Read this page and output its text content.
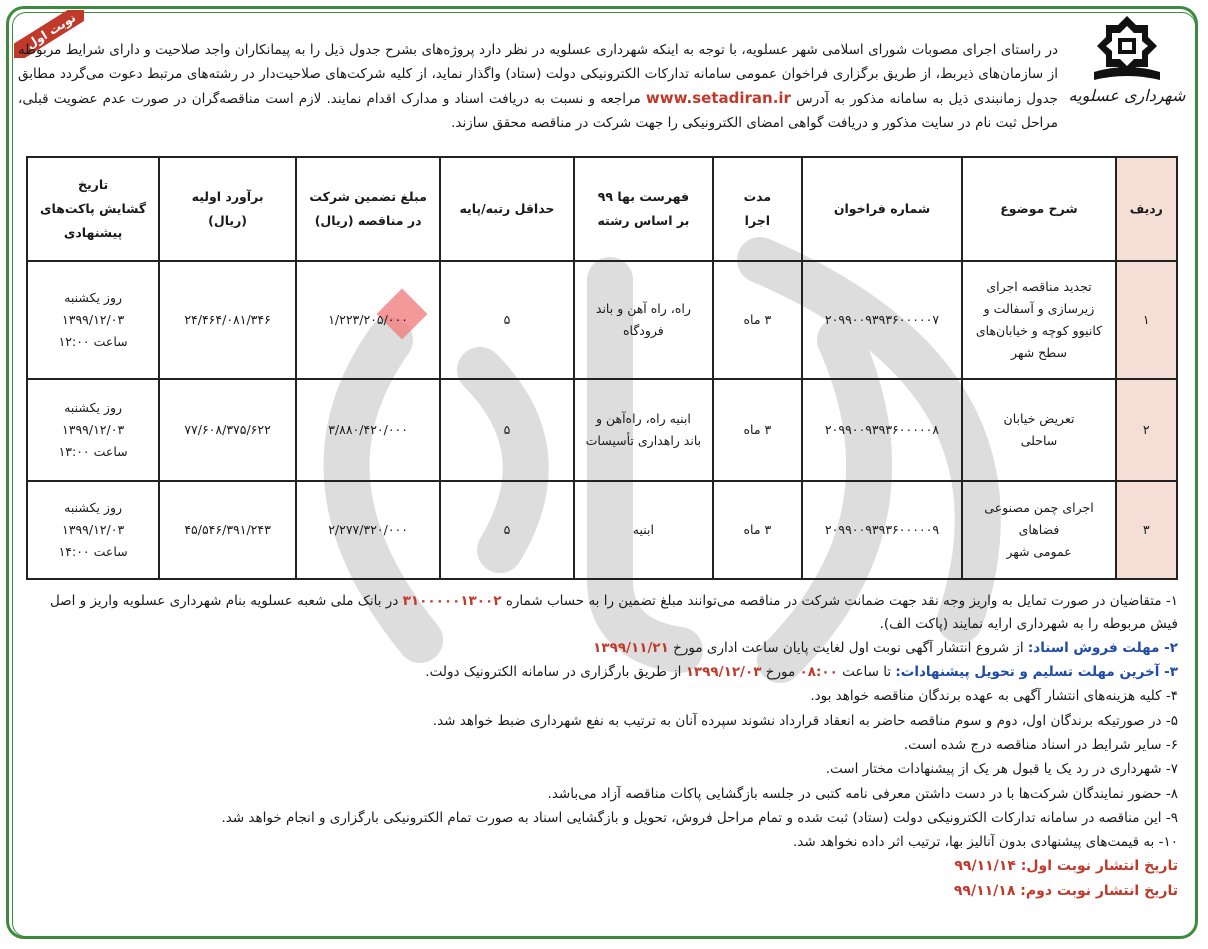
نوبت اول
شهرداری عسلویه
در راستای اجرای مصوبات شورای اسلامی شهر عسلویه، با توجه به اینکه شهرداری عسلویه در نظر دارد پروژه‌های بشرح جدول ذیل را به پیمانکاران واجد صلاحیت و دارای شرایط مربوطه از سازمان‌های ذیربط، از طریق برگزاری فراخوان عمومی سامانه تدارکات الکترونیکی دولت (ستاد) واگذار نماید، از کلیه شرکت‌های صلاحیت‌دار در رشته‌های مرتبط دعوت می‌گردد مطابق جدول زمانبندی ذیل به سامانه مذکور به آدرس www.setadiran.ir مراجعه و نسبت به دریافت اسناد و مدارک اقدام نمایند. لازم است مناقصه‌گران در صورت عدم عضویت قبلی، مراحل ثبت نام در سایت مذکور و دریافت گواهی امضای الکترونیکی را جهت شرکت در مناقصه محقق سازند.
ردیف	شرح موضوع	شماره فراخوان	مدت
اجرا	فهرست بها ۹۹
بر اساس رشته	حداقل رتبه/پایه	مبلغ تضمین شرکت
در مناقصه (ریال)	برآورد اولیه
(ریال)	تاریخ
گشایش پاکت‌های
پیشنهادی
۱	تجدید مناقصه اجرای
زیرسازی و آسفالت و
کانیوو کوچه و خیابان‌های
سطح شهر	۲۰۹۹۰۰۹۳۹۳۶۰۰۰۰۰۷	۳ ماه	راه، راه آهن و باند
فرودگاه	۵	۱/۲۲۳/۲۰۵/۰۰۰	۲۴/۴۶۴/۰۸۱/۳۴۶	روز یکشنبه
۱۳۹۹/۱۲/۰۳
ساعت ۱۲:۰۰
۲	تعریض خیابان
ساحلی	۲۰۹۹۰۰۹۳۹۳۶۰۰۰۰۰۸	۳ ماه	ابنیه راه، راه‌آهن و
باند راهداری تأسیسات	۵	۳/۸۸۰/۴۲۰/۰۰۰	۷۷/۶۰۸/۳۷۵/۶۲۲	روز یکشنبه
۱۳۹۹/۱۲/۰۳
ساعت ۱۳:۰۰
۳	اجرای چمن مصنوعی
فضاهای
عمومی شهر	۲۰۹۹۰۰۹۳۹۳۶۰۰۰۰۰۹	۳ ماه	ابنیه	۵	۲/۲۷۷/۳۲۰/۰۰۰	۴۵/۵۴۶/۳۹۱/۲۴۳	روز یکشنبه
۱۳۹۹/۱۲/۰۳
ساعت ۱۴:۰۰

۱- متقاضیان در صورت تمایل به واریز وجه نقد جهت ضمانت شرکت در مناقصه می‌توانند مبلغ تضمین را به حساب شماره ۳۱۰۰۰۰۰۱۳۰۰۲ در بانک ملی شعبه عسلویه بنام شهرداری عسلویه واریز و اصل فیش مربوطه را به شهرداری ارایه نمایند (پاکت الف).

۲- مهلت فروش اسناد: از شروع انتشار آگهی نوبت اول لغایت پایان ساعت اداری مورخ ۱۳۹۹/۱۱/۲۱

۳- آخرین مهلت تسلیم و تحویل پیشنهادات: تا ساعت ۰۸:۰۰ مورخ ۱۳۹۹/۱۲/۰۳ از طریق بارگزاری در سامانه الکترونیک دولت.

۴- کلیه هزینه‌های انتشار آگهی به عهده برندگان مناقصه خواهد بود.

۵- در صورتیکه برندگان اول، دوم و سوم مناقصه حاضر به انعقاد قرارداد نشوند سپرده آنان به ترتیب به نفع شهرداری ضبط خواهد شد.

۶- سایر شرایط در اسناد مناقصه درج شده است.

۷- شهرداری در رد یک یا قبول هر یک از پیشنهادات مختار است.

۸- حضور نمایندگان شرکت‌ها با در دست داشتن معرفی نامه کتبی در جلسه بازگشایی پاکات مناقصه آزاد می‌باشد.

۹- این مناقصه در سامانه تدارکات الکترونیکی دولت (ستاد) ثبت شده و تمام مراحل فروش، تحویل و بازگشایی اسناد به صورت تمام الکترونیکی بارگزاری و انجام خواهد شد.

۱۰- به قیمت‌های پیشنهادی بدون آنالیز بها، ترتیب اثر داده نخواهد شد.

تاریخ انتشار نوبت اول: ۹۹/۱۱/۱۴

تاریخ انتشار نوبت دوم: ۹۹/۱۱/۱۸
